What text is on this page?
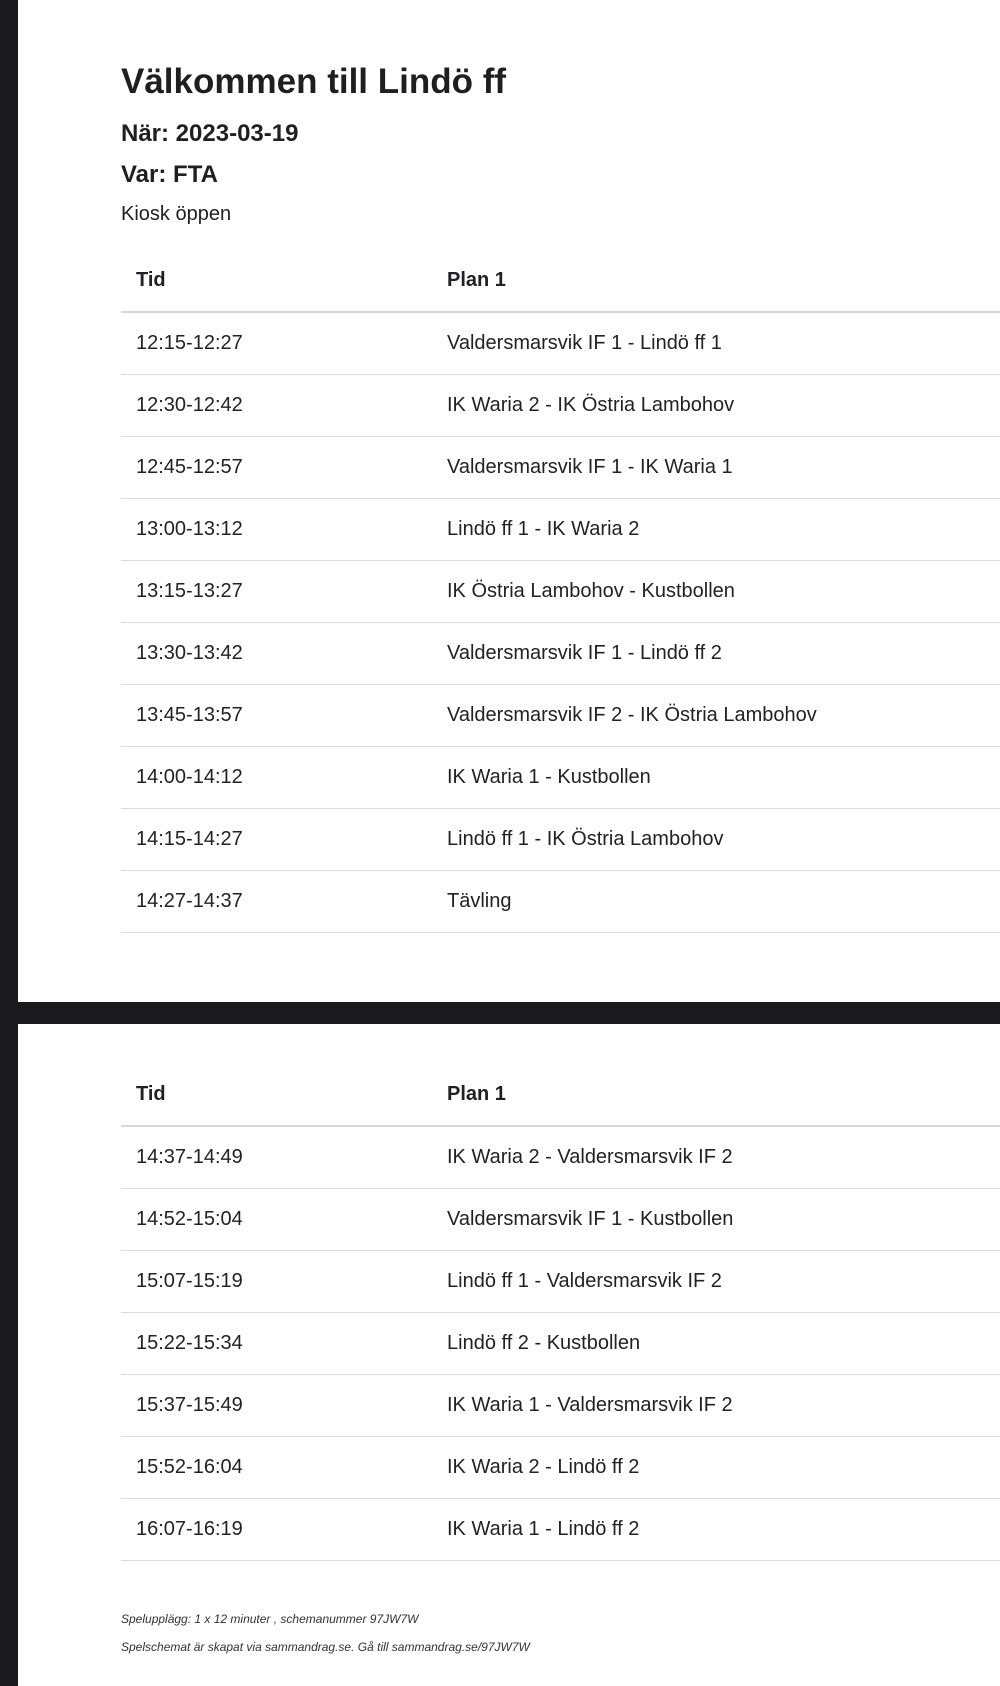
Välkommen till Lindö ff

När: 2023-03-19

Var: FTA

Kiosk öppen

Tid	Plan 1
12:15-12:27	Valdersmarsvik IF 1 - Lindö ff 1
12:30-12:42	IK Waria 2 - IK Östria Lambohov
12:45-12:57	Valdersmarsvik IF 1 - IK Waria 1
13:00-13:12	Lindö ff 1 - IK Waria 2
13:15-13:27	IK Östria Lambohov - Kustbollen
13:30-13:42	Valdersmarsvik IF 1 - Lindö ff 2
13:45-13:57	Valdersmarsvik IF 2 - IK Östria Lambohov
14:00-14:12	IK Waria 1 - Kustbollen
14:15-14:27	Lindö ff 1 - IK Östria Lambohov
14:27-14:37	Tävling
Tid	Plan 1
14:37-14:49	IK Waria 2 - Valdersmarsvik IF 2
14:52-15:04	Valdersmarsvik IF 1 - Kustbollen
15:07-15:19	Lindö ff 1 - Valdersmarsvik IF 2
15:22-15:34	Lindö ff 2 - Kustbollen
15:37-15:49	IK Waria 1 - Valdersmarsvik IF 2
15:52-16:04	IK Waria 2 - Lindö ff 2
16:07-16:19	IK Waria 1 - Lindö ff 2
Spelupplägg: 1 x 12 minuter , schemanummer 97JW7W
Spelschemat är skapat via sammandrag.se. Gå till sammandrag.se/97JW7W
